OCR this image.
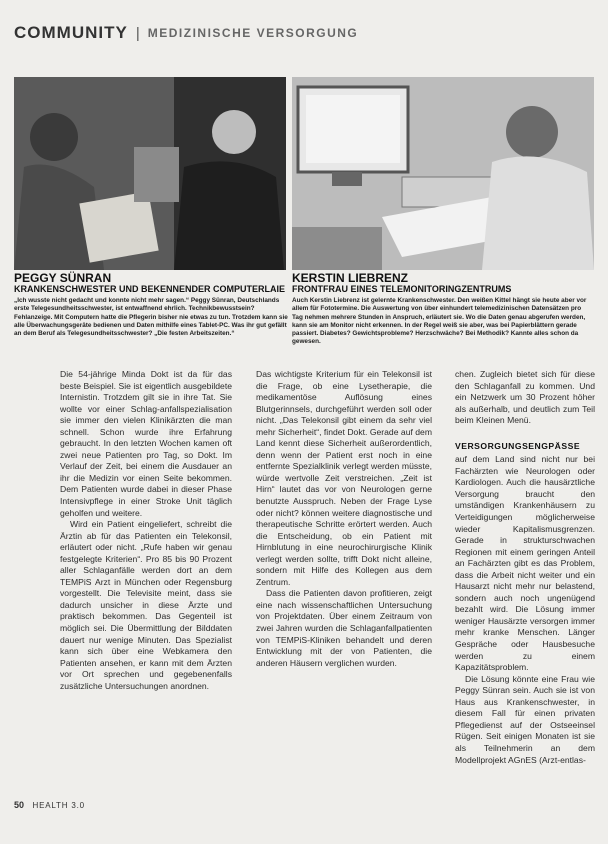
COMMUNITY | MEDIZINISCHE VERSORGUNG
PEGGY SÜNRAN
KRANKENSCHWESTER UND BEKENNENDER COMPUTERLAIE
„Ich wusste nicht gedacht und konnte nicht mehr sagen.“ Peggy Sünran, Deutschlands erste Telegesundheitsschwester, ist entwaffnend ehrlich. Technikbewusstsein? Fehlanzeige. Mit Computern hatte die Pflegerin bisher nie etwas zu tun. Trotzdem kann sie alle Überwachungsgeräte bedienen und Daten mithilfe eines Tablet-PC. Was ihr gut gefällt an dem Beruf als Telegesundheitsschwester? „Die festen Arbeitszeiten.“
KERSTIN LIEBRENZ
FRONTFRAU EINES TELEMONITORINGZENTRUMS
Auch Kerstin Liebrenz ist gelernte Krankenschwester. Den weißen Kittel hängt sie heute aber vor allem für Fototermine. Die Auswertung von über einhundert telemedizinischen Datensätzen pro Tag nehmen mehrere Stunden in Anspruch, erläutert sie. Wo die Daten genau abgerufen werden, kann sie am Monitor nicht erkennen. In der Regel weiß sie aber, was bei Papierblättern gerade passiert. Diabetes? Gewichtsprobleme? Herzschwäche? Bei Methodik? Kannte alles schon da gewesen.

Die 54-jährige Minda Dokt ist da für das beste Beispiel. Sie ist eigentlich ausgebildete Internistin. Trotzdem gilt sie in ihre Tat. Sie wollte vor einer Schlag-anfallspezialisation sie immer den vielen Klinikärzten die man schnell. Schon wurde ihre Erfahrung gebraucht. In den letzten Wochen kamen oft zwei neue Patienten pro Tag, so Dokt. Im Verlauf der Zeit, bei einem die Ausdauer an ihr die Medizin vor einen Seite bekommen. Dem Patienten wurde dabei in dieser Phase Intensivpflege in einer Stroke Unit täglich geholfen und weitere.

Wird ein Patient eingeliefert, schreibt die Ärztin ab für das Patienten ein Telekonsil, erläutert oder nicht. „Rufe haben wir genau festgelegte Kriterien“. Pro 85 bis 90 Prozent aller Schlaganfälle werden dort an dem TEMPiS Arzt in München oder Regensburg vorgestellt. Die Televisite meint, dass sie dadurch unsicher in diese Ärzte und praktisch bekommen. Das Gegenteil ist möglich sei. Die Übermittlung der Bilddaten dauert nur wenige Minuten. Das Spezialist kann sich über eine Webkamera den Patienten ansehen, er kann mit dem Ärzten vor Ort sprechen und gegebenenfalls zusätzliche Untersuchungen anordnen.

Das wichtigste Kriterium für ein Telekonsil ist die Frage, ob eine Lysetherapie, die medikamentöse Auflösung eines Blutgerinnsels, durchgeführt werden soll oder nicht. „Das Telekonsil gibt einem da sehr viel mehr Sicherheit“, findet Dokt. Gerade auf dem Land kennt diese Sicherheit außerordentlich, denn wenn der Patient erst noch in eine entfernte Spezialklinik verlegt werden müsste, würde wertvolle Zeit verstreichen. „Zeit ist Hirn“ lautet das vor von Neurologen gerne benutzte Ausspruch. Neben der Frage Lyse oder nicht? können weitere diagnostische und therapeutische Schritte erörtert werden. Auch die Entscheidung, ob ein Patient mit Hirnblutung in eine neurochirurgische Klinik verlegt werden sollte, trifft Dokt nicht alleine, sondern mit Hilfe des Kollegen aus dem Zentrum.

Dass die Patienten davon profitieren, zeigt eine nach wissenschaftlichen Untersuchung von Projektdaten. Über einem Zeitraum von zwei Jahren wurden die Schlaganfallpatienten von TEMPiS-Kliniken behandelt und deren Entwicklung mit der von Patienten, die anderen Häusern verglichen wurden.

chen. Zugleich bietet sich für diese den Schlaganfall zu kommen. Und ein Netzwerk um 30 Prozent höher als außerhalb, und deutlich zum Teil beim Kleinen Menü.

VERSORGUNGSENGPÄSSE

auf dem Land sind nicht nur bei Fachärzten wie Neurologen oder Kardiologen. Auch die hausärztliche Versorgung braucht den umständigen Krankenhäusern zu Verteidigungen möglicherweise wieder Kapitalismusgrenzen. Gerade in strukturschwachen Regionen mit einem geringen Anteil an Fachärzten gibt es das Problem, dass die Arbeit nicht weiter und ein Hausarzt nicht mehr nur belastend, sondern auch noch ungenügend bezahlt wird. Die Lösung immer weniger Hausärzte versorgen immer mehr kranke Menschen. Länger Gespräche oder Hausbesuche werden zu einem Kapazitätsproblem.

Die Lösung könnte eine Frau wie Peggy Sünran sein. Auch sie ist von Haus aus Krankenschwester, in diesem Fall für einen privaten Pflegedienst auf der Ostseeinsel Rügen. Seit einigen Monaten ist sie als Teilnehmerin an dem Modellprojekt AGnES (Arzt-entlas-

50 HEALTH 3.0
